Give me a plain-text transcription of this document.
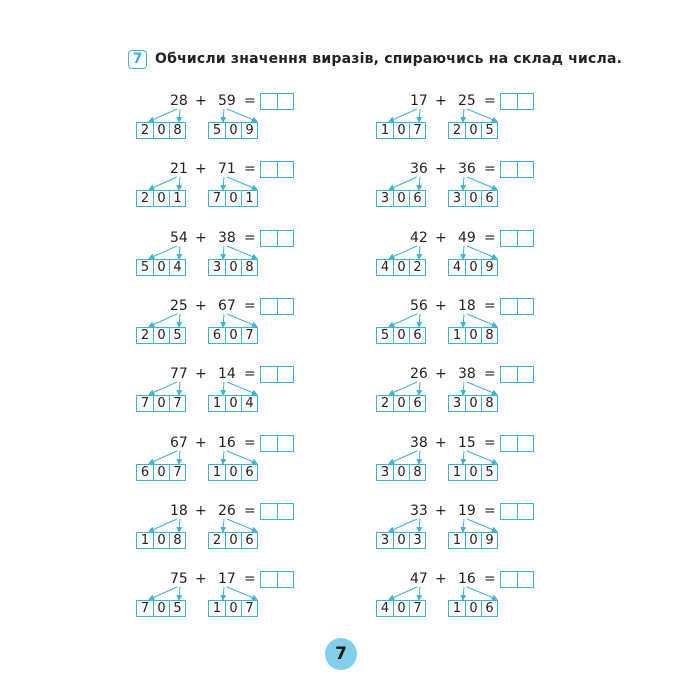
7 Обчисли значення виразів, спираючись на склад числа.
28 + 59 =
2 0 8 5 0 9
17 + 25 =
1 0 7 2 0 5
21 + 71 =
2 0 1 7 0 1
36 + 36 =
3 0 6 3 0 6
54 + 38 =
5 0 4 3 0 8
42 + 49 =
4 0 2 4 0 9
25 + 67 =
2 0 5 6 0 7
56 + 18 =
5 0 6 1 0 8
77 + 14 =
7 0 7 1 0 4
26 + 38 =
2 0 6 3 0 8
67 + 16 =
6 0 7 1 0 6
38 + 15 =
3 0 8 1 0 5
18 + 26 =
1 0 8 2 0 6
33 + 19 =
3 0 3 1 0 9
75 + 17 =
7 0 5 1 0 7
47 + 16 =
4 0 7 1 0 6
7
